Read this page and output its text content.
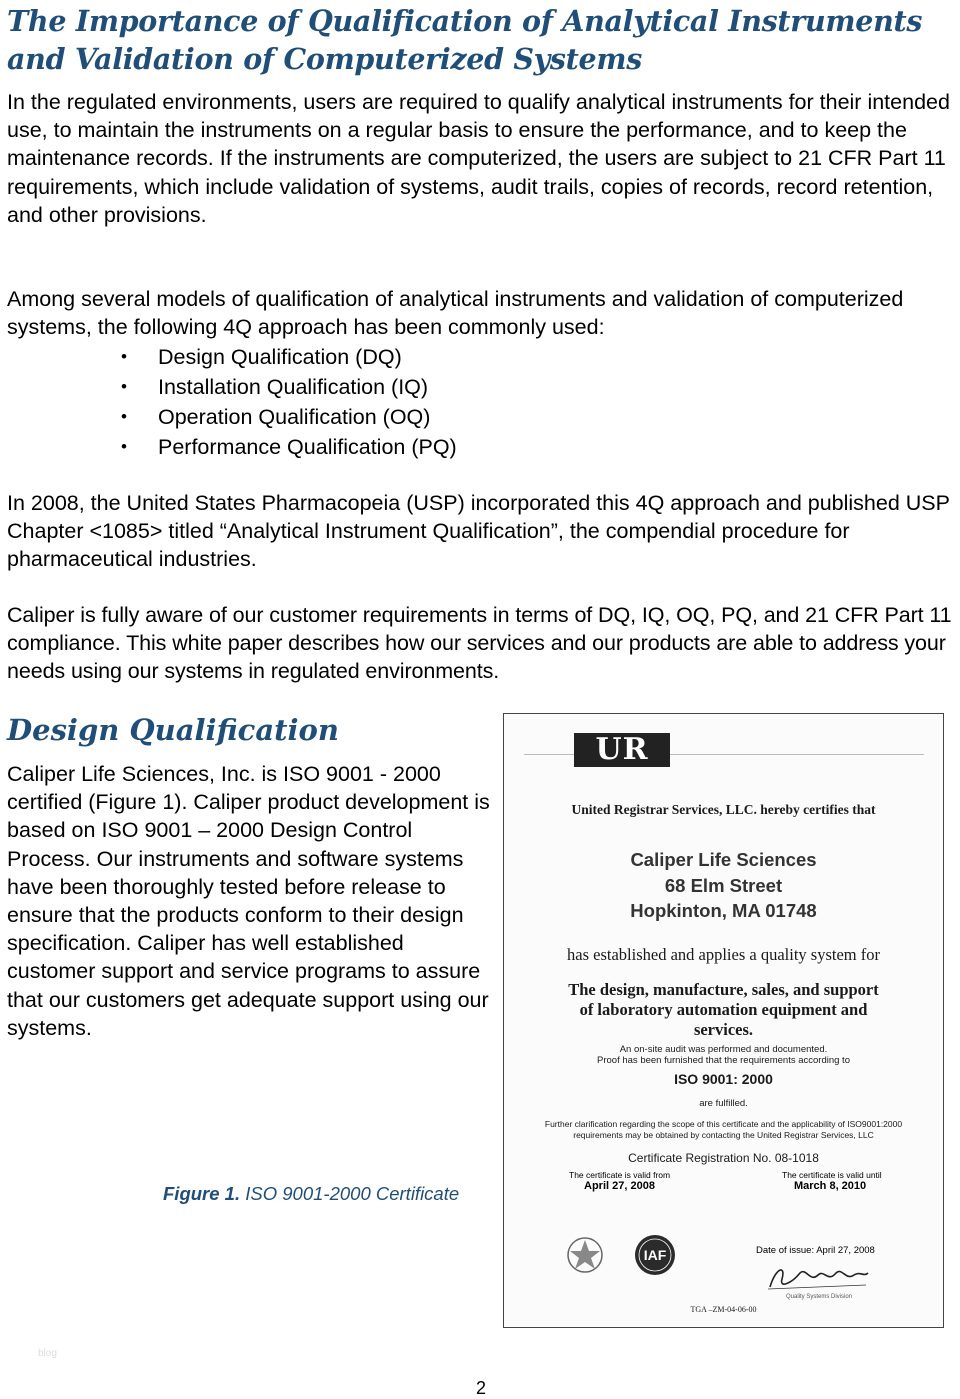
The Importance of Qualification of Analytical Instruments
and Validation of Computerized Systems

In the regulated environments, users are required to qualify analytical instruments for their intended use, to maintain the instruments on a regular basis to ensure the performance, and to keep the maintenance records. If the instruments are computerized, the users are subject to 21 CFR Part 11 requirements, which include validation of systems, audit trails, copies of records, record retention, and other provisions.

Among several models of qualification of analytical instruments and validation of computerized systems, the following 4Q approach has been commonly used:

• Design Qualification (DQ)
• Installation Qualification (IQ)
• Operation Qualification (OQ)
• Performance Qualification (PQ)

In 2008, the United States Pharmacopeia (USP) incorporated this 4Q approach and published USP Chapter <1085> titled “Analytical Instrument Qualification”, the compendial procedure for pharmaceutical industries.

Caliper is fully aware of our customer requirements in terms of DQ, IQ, OQ, PQ, and 21 CFR Part 11 compliance. This white paper describes how our services and our products are able to address your needs using our systems in regulated environments.

Design Qualification

Caliper Life Sciences, Inc. is ISO 9001 - 2000 certified (Figure 1). Caliper product development is based on ISO 9001 – 2000 Design Control Process. Our instruments and software systems have been thoroughly tested before release to ensure that the products conform to their design specification. Caliper has well established customer support and service programs to assure that our customers get adequate support using our systems.

Figure 1. ISO 9001-2000 Certificate
UR
United Registrar Services, LLC. hereby certifies that
Caliper Life Sciences
68 Elm Street
Hopkinton, MA 01748
has established and applies a quality system for
The design, manufacture, sales, and support
of laboratory automation equipment and
services.
An on-site audit was performed and documented.
Proof has been furnished that the requirements according to
ISO 9001: 2000
are fulfilled.
Further clarification regarding the scope of this certificate and the applicability of ISO9001:2000
requirements may be obtained by contacting the United Registrar Services, LLC
Certificate Registration No. 08-1018
The certificate is valid from
April 27, 2008
The certificate is valid until
March 8, 2010
IAF	Date of issue: April 27, 2008
Quality Systems Division
TGA –ZM-04-06-00
blog
2
